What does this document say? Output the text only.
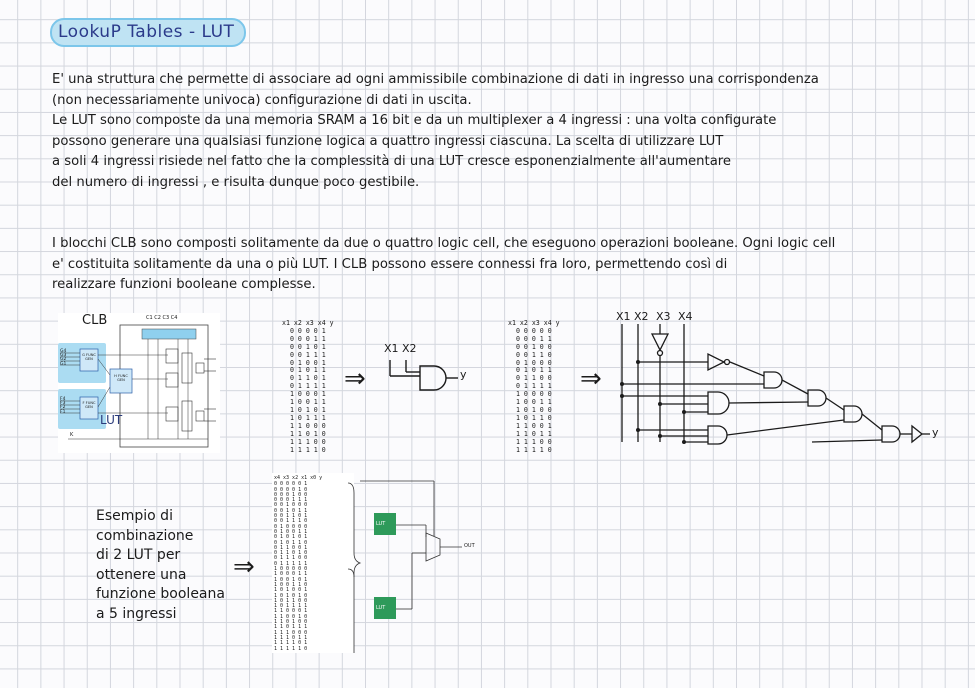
LookuP Tables - LUT
E' una struttura che permette di associare ad ogni ammissibile combinazione di dati in ingresso una corrispondenza
(non necessariamente univoca) configurazione di dati in uscita.
Le LUT sono composte da una memoria SRAM a 16 bit e da un multiplexer a 4 ingressi : una volta configurate
possono generare una qualsiasi funzione logica a quattro ingressi ciascuna. La scelta di utilizzare LUT
a soli 4 ingressi risiede nel fatto che la complessità di una LUT cresce esponenzialmente all'aumentare
del numero di ingressi , e risulta dunque poco gestibile.
I blocchi CLB sono composti solitamente da due o quattro logic cell, che eseguono operazioni booleane. Ogni logic cell
e' costituita solitamente da una o più LUT. I CLB possono essere connessi fra loro, permettendo così di
realizzare funzioni booleane complesse.
CLB	C1 C2 C3 C4
G4
G3
G2
G1
F4
F3
F2
F1
G FUNC GEN
H FUNC GEN
F FUNC GEN
LUT
K
x1 x2 x3 x4 y
0 0 0 0 1
0 0 0 1 1
0 0 1 0 1
0 0 1 1 1
0 1 0 0 1
0 1 0 1 1
0 1 1 0 1
0 1 1 1 1
1 0 0 0 1
1 0 0 1 1
1 0 1 0 1
1 0 1 1 1
1 1 0 0 0
1 1 0 1 0
1 1 1 0 0
1 1 1 1 0
⇒
X1 X2
y
x1 x2 x3 x4 y
0 0 0 0 0
0 0 0 1 1
0 0 1 0 0
0 0 1 1 0
0 1 0 0 0
0 1 0 1 1
0 1 1 0 0
0 1 1 1 1
1 0 0 0 0
1 0 0 1 1
1 0 1 0 0
1 0 1 1 0
1 1 0 0 1
1 1 0 1 1
1 1 1 0 0
1 1 1 1 0
⇒
X1 X2 X3 X4
y
Esempio di
combinazione
di 2 LUT per
ottenere una
funzione booleana
a 5 ingressi
⇒
x4 x3 x2 x1 x0 y
0 0 0 0 0 1
0 0 0 0 1 0
0 0 0 1 0 0
0 0 0 1 1 1
0 0 1 0 0 0
0 0 1 0 1 1
0 0 1 1 0 1
0 0 1 1 1 0
0 1 0 0 0 0
0 1 0 0 1 1
0 1 0 1 0 1
0 1 0 1 1 0
0 1 1 0 0 1
0 1 1 0 1 0
0 1 1 1 0 0
0 1 1 1 1 1
1 0 0 0 0 0
1 0 0 0 1 1
1 0 0 1 0 1
1 0 0 1 1 0
1 0 1 0 0 1
1 0 1 0 1 0
1 0 1 1 0 0
1 0 1 1 1 1
1 1 0 0 0 1
1 1 0 0 1 0
1 1 0 1 0 0
1 1 0 1 1 1
1 1 1 0 0 0
1 1 1 0 1 1
1 1 1 1 0 1
1 1 1 1 1 0
LUT
LUT
OUT
